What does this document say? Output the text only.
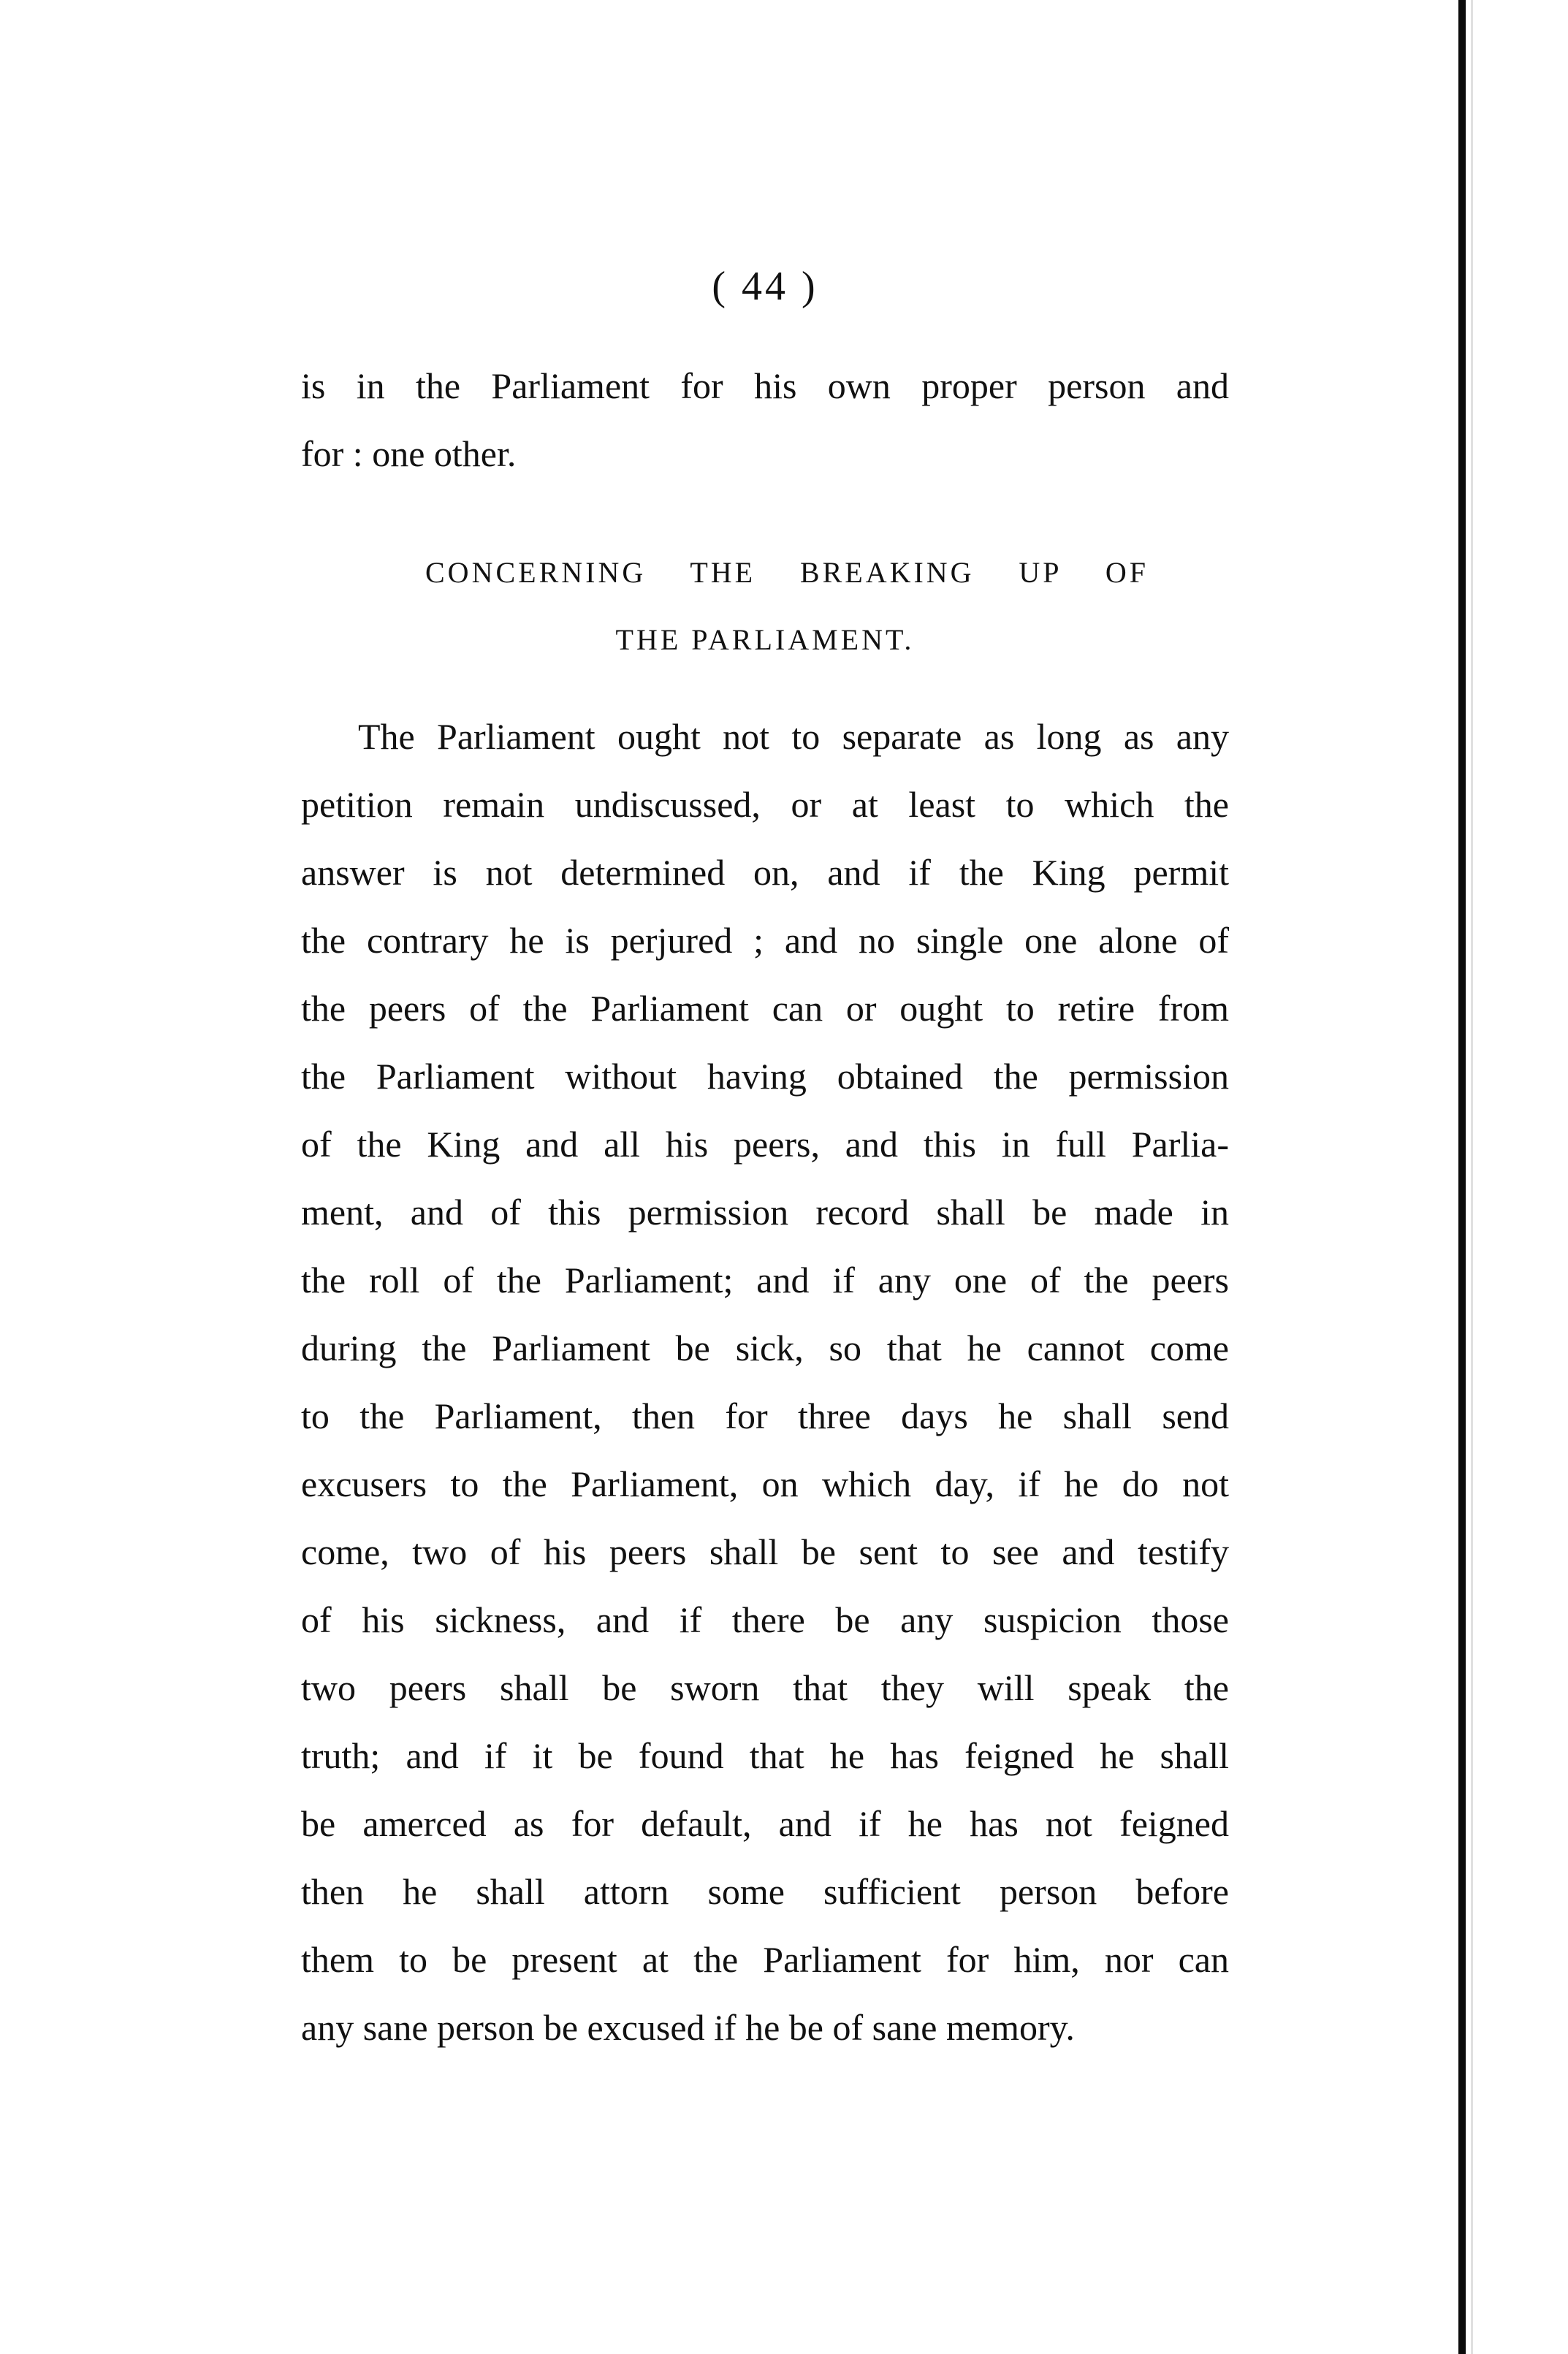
( 44 )
is in the Parliament for his own proper person and
for : one other.
CONCERNING THE BREAKING UP OF
THE PARLIAMENT.
The Parliament ought not to separate as long as any
petition remain undiscussed, or at least to which the
answer is not determined on, and if the King permit
the contrary he is perjured ; and no single one alone of
the peers of the Parliament can or ought to retire from
the Parliament without having obtained the permission
of the King and all his peers, and this in full Parlia-
ment, and of this permission record shall be made in
the roll of the Parliament; and if any one of the peers
during the Parliament be sick, so that he cannot come
to the Parliament, then for three days he shall send
excusers to the Parliament, on which day, if he do not
come, two of his peers shall be sent to see and testify
of his sickness, and if there be any suspicion those
two peers shall be sworn that they will speak the
truth; and if it be found that he has feigned he shall
be amerced as for default, and if he has not feigned
then he shall attorn some sufficient person before
them to be present at the Parliament for him, nor can
any sane person be excused if he be of sane memory.
